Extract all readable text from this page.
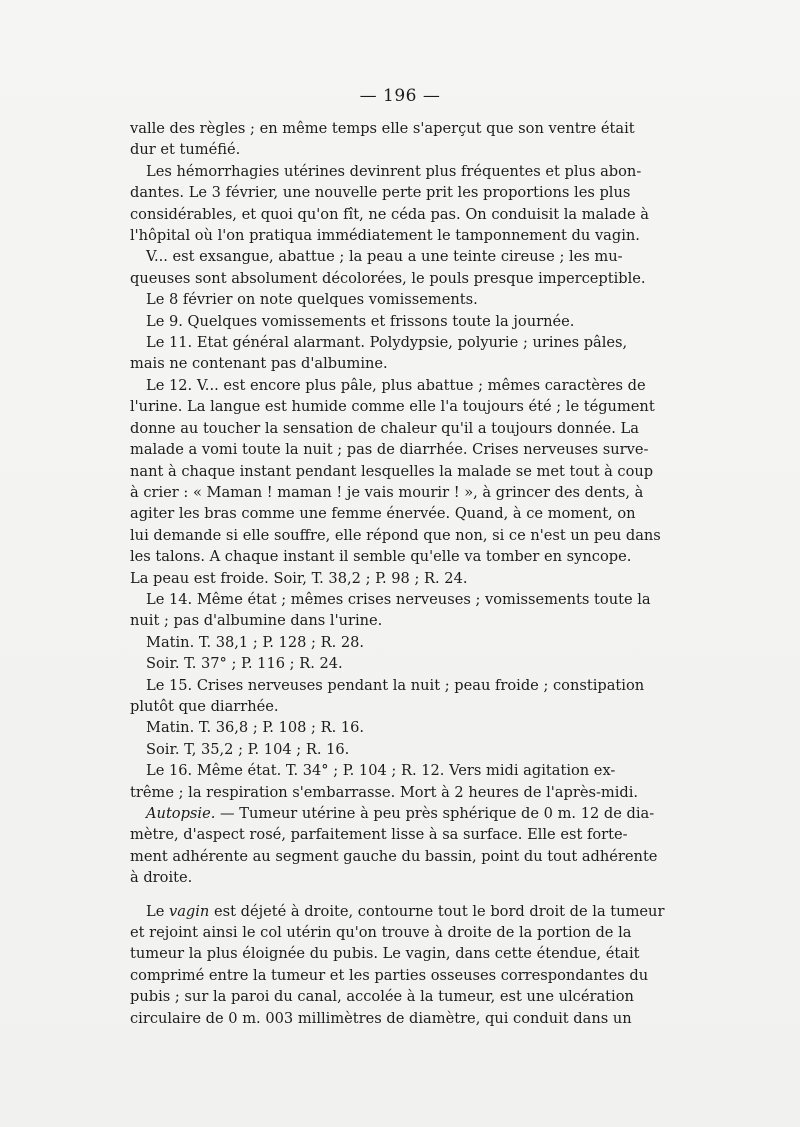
— 196 —
valle des règles ; en même temps elle s'aperçut que son ventre était
dur et tuméfié.
Les hémorrhagies utérines devinrent plus fréquentes et plus abon-
dantes. Le 3 février, une nouvelle perte prit les proportions les plus
considérables, et quoi qu'on fît, ne céda pas. On conduisit la malade à
l'hôpital où l'on pratiqua immédiatement le tamponnement du vagin.
V... est exsangue, abattue ; la peau a une teinte cireuse ; les mu-
queuses sont absolument décolorées, le pouls presque imperceptible.
Le 8 février on note quelques vomissements.
Le 9. Quelques vomissements et frissons toute la journée.
Le 11. Etat général alarmant. Polydypsie, polyurie ; urines pâles,
mais ne contenant pas d'albumine.
Le 12. V... est encore plus pâle, plus abattue ; mêmes caractères de
l'urine. La langue est humide comme elle l'a toujours été ; le tégument
donne au toucher la sensation de chaleur qu'il a toujours donnée. La
malade a vomi toute la nuit ; pas de diarrhée. Crises nerveuses surve-
nant à chaque instant pendant lesquelles la malade se met tout à coup
à crier : « Maman ! maman ! je vais mourir ! », à grincer des dents, à
agiter les bras comme une femme énervée. Quand, à ce moment, on
lui demande si elle souffre, elle répond que non, si ce n'est un peu dans
les talons. A chaque instant il semble qu'elle va tomber en syncope.
La peau est froide. Soir, T. 38,2 ; P. 98 ; R. 24.
Le 14. Même état ; mêmes crises nerveuses ; vomissements toute la
nuit ; pas d'albumine dans l'urine.
Matin. T. 38,1 ; P. 128 ; R. 28.
Soir. T. 37° ; P. 116 ; R. 24.
Le 15. Crises nerveuses pendant la nuit ; peau froide ; constipation
plutôt que diarrhée.
Matin. T. 36,8 ; P. 108 ; R. 16.
Soir. T, 35,2 ; P. 104 ; R. 16.
Le 16. Même état. T. 34° ; P. 104 ; R. 12. Vers midi agitation ex-
trême ; la respiration s'embarrasse. Mort à 2 heures de l'après-midi.
Autopsie. — Tumeur utérine à peu près sphérique de 0 m. 12 de dia-
mètre, d'aspect rosé, parfaitement lisse à sa surface. Elle est forte-
ment adhérente au segment gauche du bassin, point du tout adhérente
à droite.
Le vagin est déjeté à droite, contourne tout le bord droit de la tumeur
et rejoint ainsi le col utérin qu'on trouve à droite de la portion de la
tumeur la plus éloignée du pubis. Le vagin, dans cette étendue, était
comprimé entre la tumeur et les parties osseuses correspondantes du
pubis ; sur la paroi du canal, accolée à la tumeur, est une ulcération
circulaire de 0 m. 003 millimètres de diamètre, qui conduit dans un
